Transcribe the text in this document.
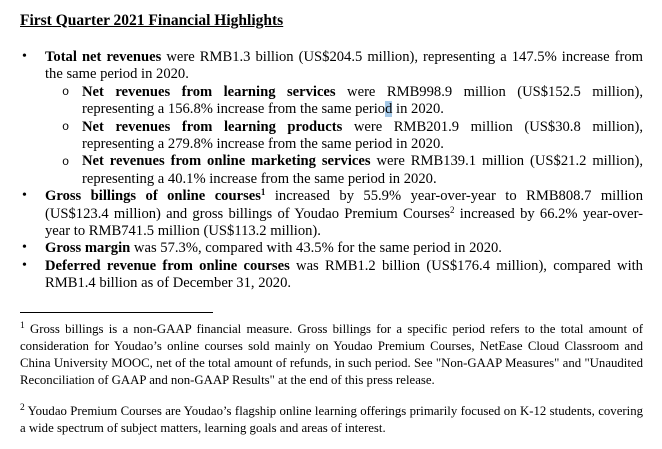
First Quarter 2021 Financial Highlights
• Total net revenues were RMB1.3 billion (US$204.5 million), representing a 147.5% increase from the same period in 2020.
o Net revenues from learning services were RMB998.9 million (US$152.5 million), representing a 156.8% increase from the same period in 2020.
o Net revenues from learning products were RMB201.9 million (US$30.8 million), representing a 279.8% increase from the same period in 2020.
o Net revenues from online marketing services were RMB139.1 million (US$21.2 million), representing a 40.1% increase from the same period in 2020.
• Gross billings of online courses$^1$ increased by 55.9% year-over-year to RMB808.7 million (US$123.4 million) and gross billings of Youdao Premium Courses$^2$ increased by 66.2% year-over-year to RMB741.5 million (US$113.2 million).
• Gross margin was 57.3%, compared with 43.5% for the same period in 2020.
• Deferred revenue from online courses was RMB1.2 billion (US$176.4 million), compared with RMB1.4 billion as of December 31, 2020.
$^1$ Gross billings is a non-GAAP financial measure. Gross billings for a specific period refers to the total amount of consideration for Youdao’s online courses sold mainly on Youdao Premium Courses, NetEase Cloud Classroom and China University MOOC, net of the total amount of refunds, in such period. See "Non-GAAP Measures" and "Unaudited Reconciliation of GAAP and non-GAAP Results" at the end of this press release.
$^2$ Youdao Premium Courses are Youdao’s flagship online learning offerings primarily focused on K-12 students, covering a wide spectrum of subject matters, learning goals and areas of interest.
